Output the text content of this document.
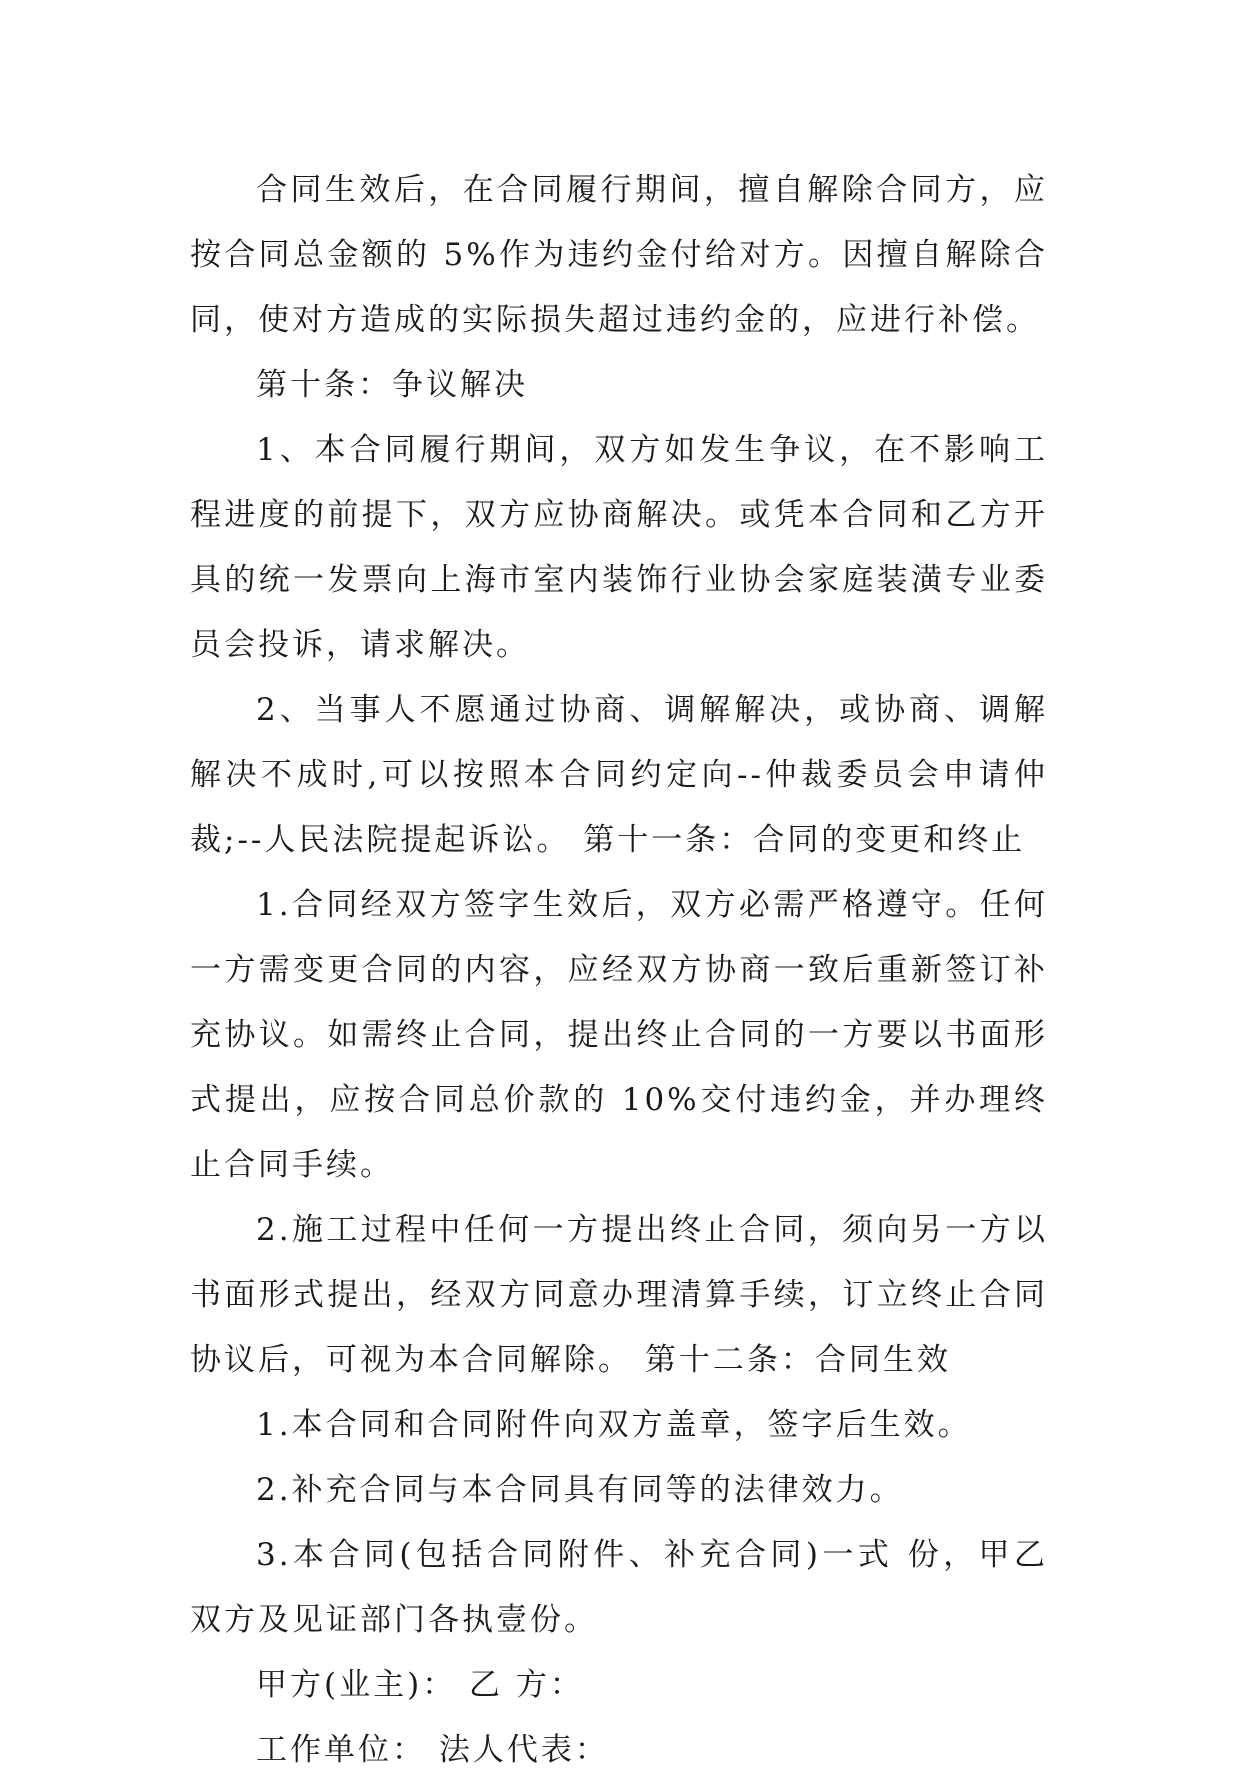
合同生效后，在合同履行期间，擅自解除合同方，应按合同总金额的 5%作为违约金付给对方。因擅自解除合同，使对方造成的实际损失超过违约金的，应进行补偿。

第十条：争议解决

1、本合同履行期间，双方如发生争议，在不影响工程进度的前提下，双方应协商解决。或凭本合同和乙方开具的统一发票向上海市室内装饰行业协会家庭装潢专业委员会投诉，请求解决。

2、当事人不愿通过协商、调解解决，或协商、调解解决不成时,可以按照本合同约定向--仲裁委员会申请仲裁;--人民法院提起诉讼。 第十一条：合同的变更和终止

1.合同经双方签字生效后，双方必需严格遵守。任何一方需变更合同的内容，应经双方协商一致后重新签订补充协议。如需终止合同，提出终止合同的一方要以书面形式提出，应按合同总价款的 10%交付违约金，并办理终止合同手续。

2.施工过程中任何一方提出终止合同，须向另一方以书面形式提出，经双方同意办理清算手续，订立终止合同协议后，可视为本合同解除。 第十二条：合同生效

1.本合同和合同附件向双方盖章，签字后生效。

2.补充合同与本合同具有同等的法律效力。

3.本合同(包括合同附件、补充合同)一式 份，甲乙双方及见证部门各执壹份。

甲方(业主)： 乙 方：

工作单位： 法人代表：
